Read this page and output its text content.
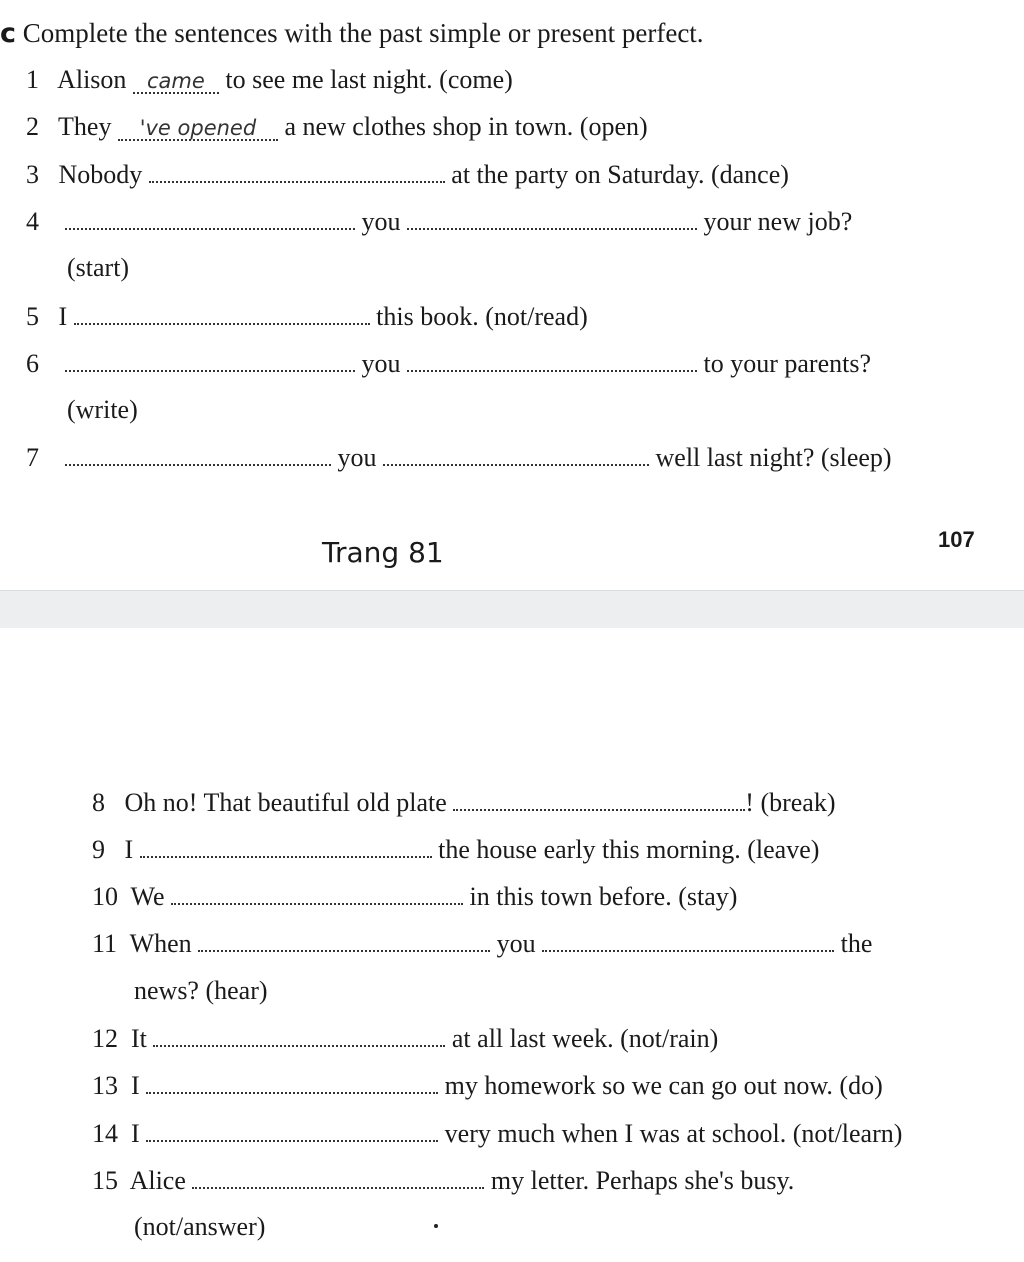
c Complete the sentences with the past simple or present perfect.
1 Alison came to see me last night. (come)
2 They 've opened a new clothes shop in town. (open)
3 Nobody	at the party on Saturday. (dance)
4	you	your new job?
(start)
5 I	this book. (not/read)
6	you	to your parents?
(write)
7	you	well last night? (sleep)
Trang 81	107
8 Oh no! That beautiful old plate	! (break)
9 I	the house early this morning. (leave)
10 We	in this town before. (stay)
11 When	you	the
news? (hear)
12 It	at all last week. (not/rain)
13 I	my homework so we can go out now. (do)
14 I	very much when I was at school. (not/learn)
15 Alice	my letter. Perhaps she's busy.
(not/answer)
